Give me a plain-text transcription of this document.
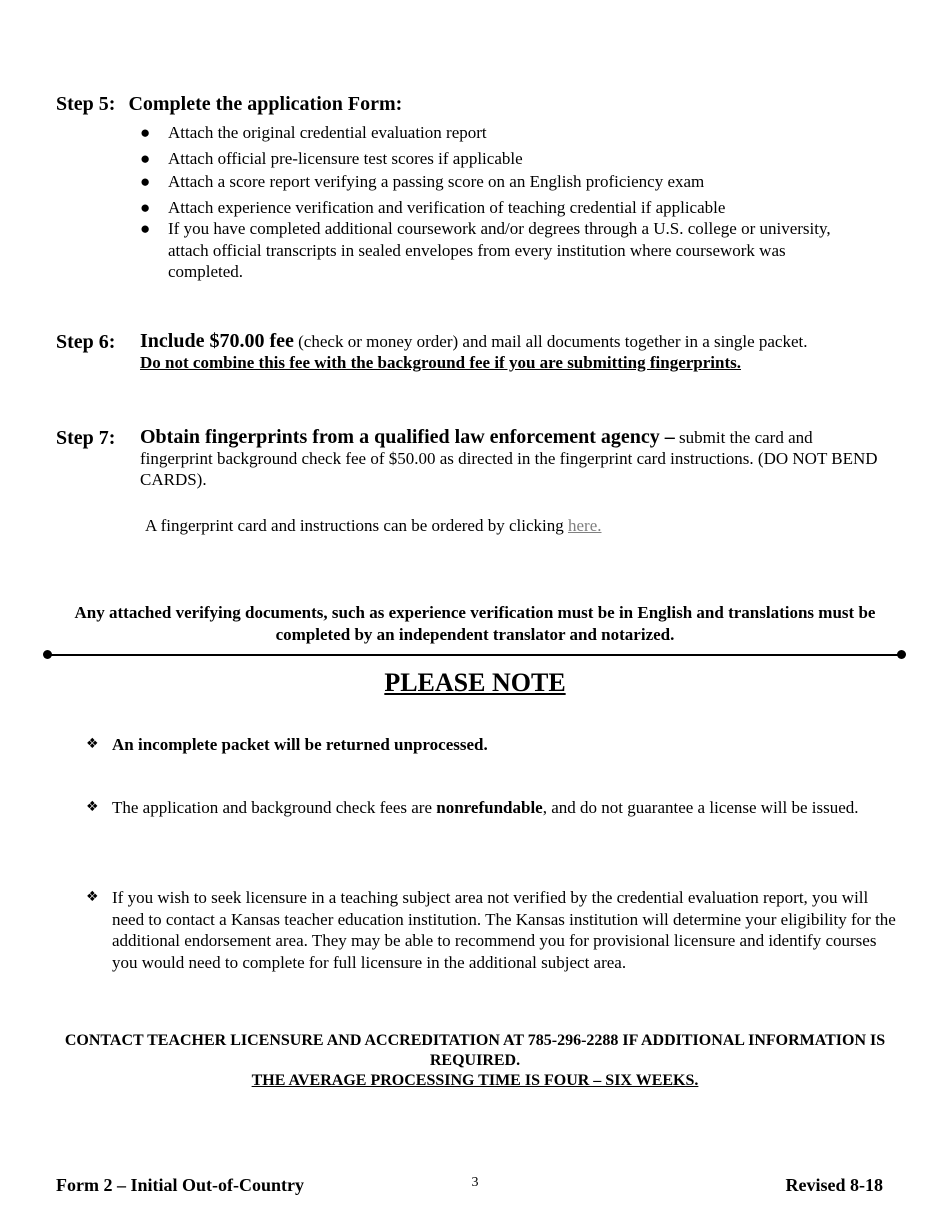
Step 5: Complete the application Form:
● Attach the original credential evaluation report
● Attach official pre-licensure test scores if applicable
● Attach a score report verifying a passing score on an English proficiency exam
● Attach experience verification and verification of teaching credential if applicable
● If you have completed additional coursework and/or degrees through a U.S. college or university, attach official transcripts in sealed envelopes from every institution where coursework was completed.
Step 6: Include $70.00 fee (check or money order) and mail all documents together in a single packet.
Do not combine this fee with the background fee if you are submitting fingerprints.
Step 7: Obtain fingerprints from a qualified law enforcement agency – submit the card and fingerprint background check fee of $50.00 as directed in the fingerprint card instructions. (DO NOT BEND CARDS).
A fingerprint card and instructions can be ordered by clicking here.
Any attached verifying documents, such as experience verification must be in English and translations must be completed by an independent translator and notarized.
PLEASE NOTE
❖ An incomplete packet will be returned unprocessed.
❖ The application and background check fees are nonrefundable, and do not guarantee a license will be issued.
❖ If you wish to seek licensure in a teaching subject area not verified by the credential evaluation report, you will need to contact a Kansas teacher education institution. The Kansas institution will determine your eligibility for the additional endorsement area. They may be able to recommend you for provisional licensure and identify courses you would need to complete for full licensure in the additional subject area.
CONTACT TEACHER LICENSURE AND ACCREDITATION AT 785-296-2288 IF ADDITIONAL INFORMATION IS REQUIRED.
THE AVERAGE PROCESSING TIME IS FOUR – SIX WEEKS.
Form 2 – Initial Out-of-Country	3	Revised 8-18
